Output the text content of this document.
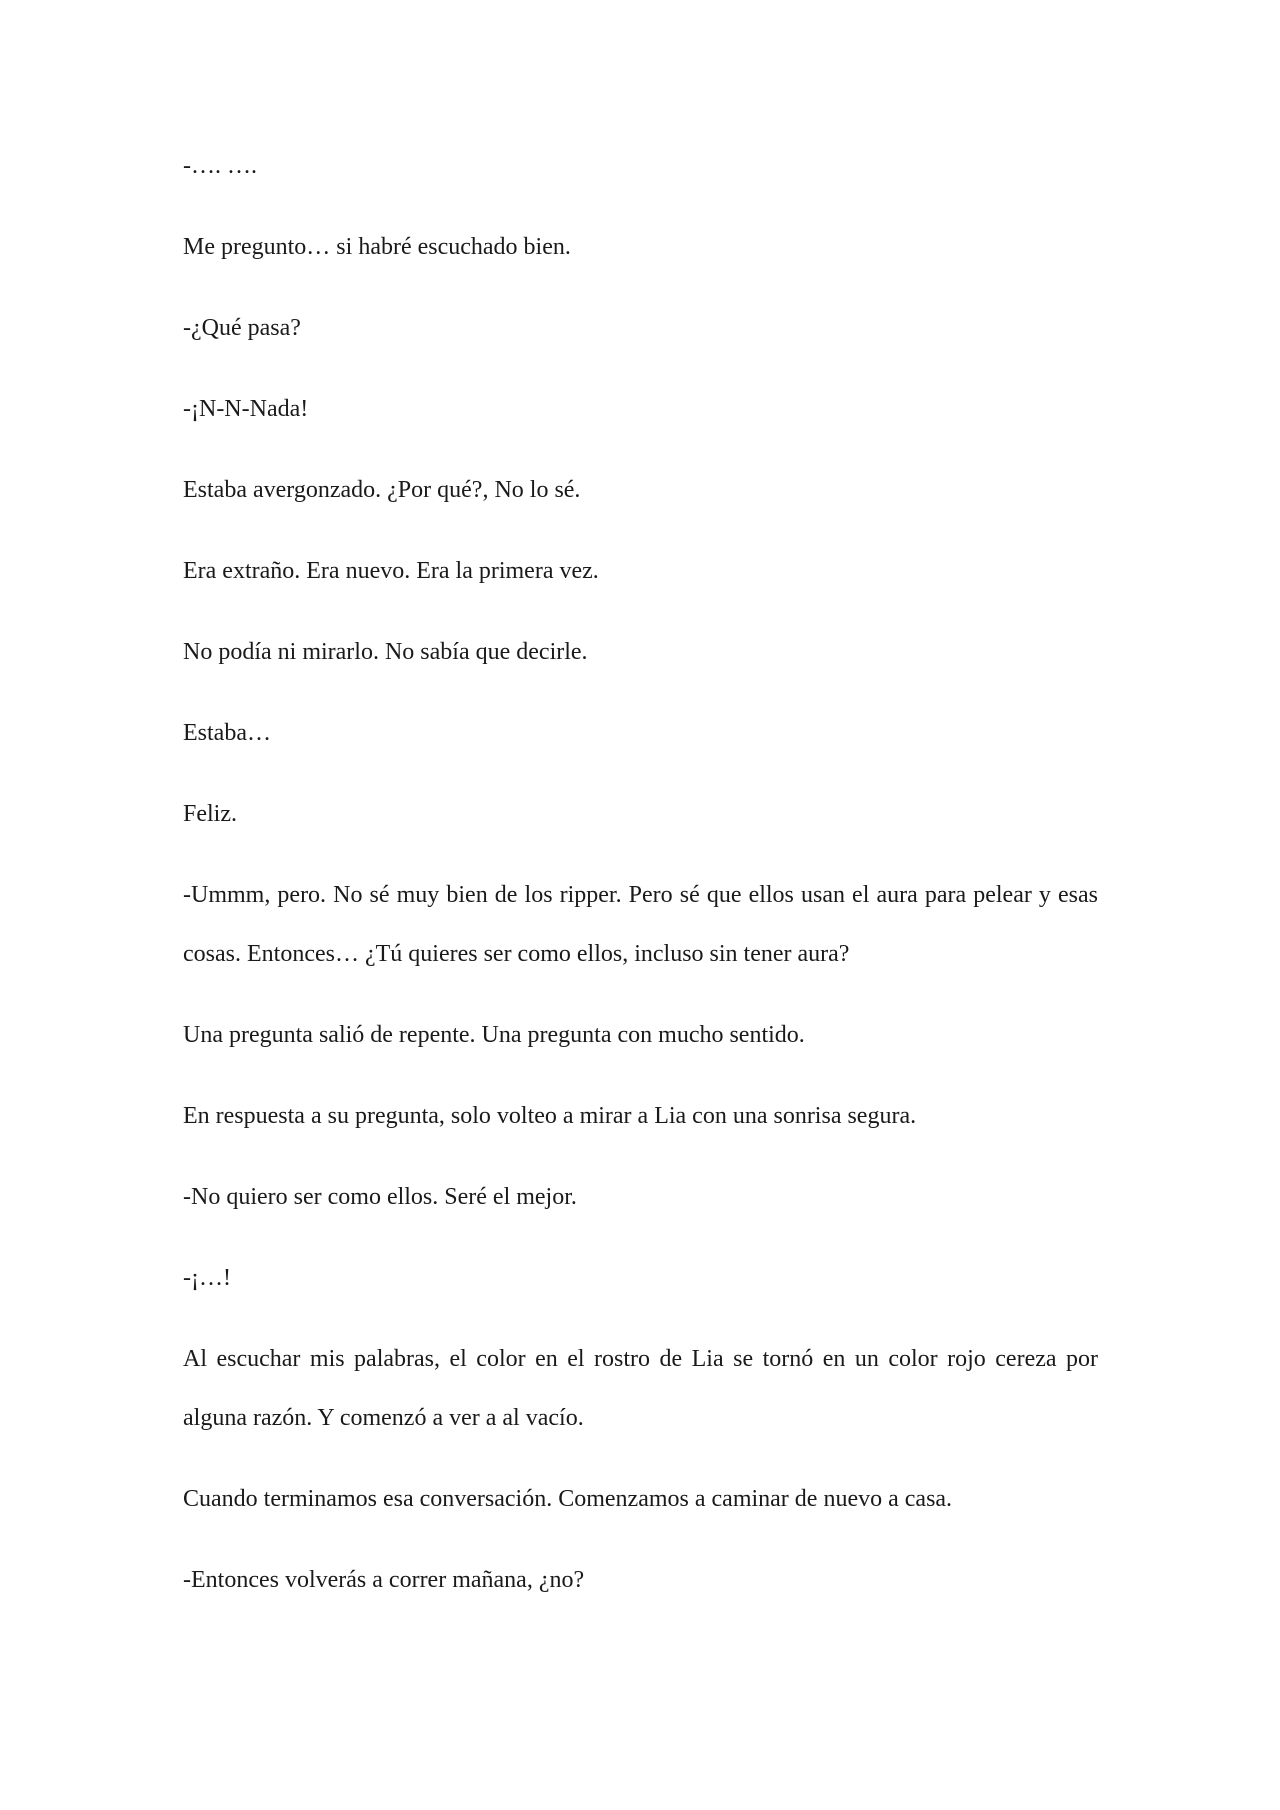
-…. ….

Me pregunto… si habré escuchado bien.

-¿Qué pasa?

-¡N-N-Nada!

Estaba avergonzado. ¿Por qué?, No lo sé.

Era extraño. Era nuevo. Era la primera vez.

No podía ni mirarlo. No sabía que decirle.

Estaba…

Feliz.

-Ummm, pero. No sé muy bien de los ripper. Pero sé que ellos usan el aura para pelear y esas cosas. Entonces… ¿Tú quieres ser como ellos, incluso sin tener aura?

Una pregunta salió de repente. Una pregunta con mucho sentido.

En respuesta a su pregunta, solo volteo a mirar a Lia con una sonrisa segura.

-No quiero ser como ellos. Seré el mejor.

-¡…!

Al escuchar mis palabras, el color en el rostro de Lia se tornó en un color rojo cereza por alguna razón. Y comenzó a ver a al vacío.

Cuando terminamos esa conversación. Comenzamos a caminar de nuevo a casa.

-Entonces volverás a correr mañana, ¿no?
